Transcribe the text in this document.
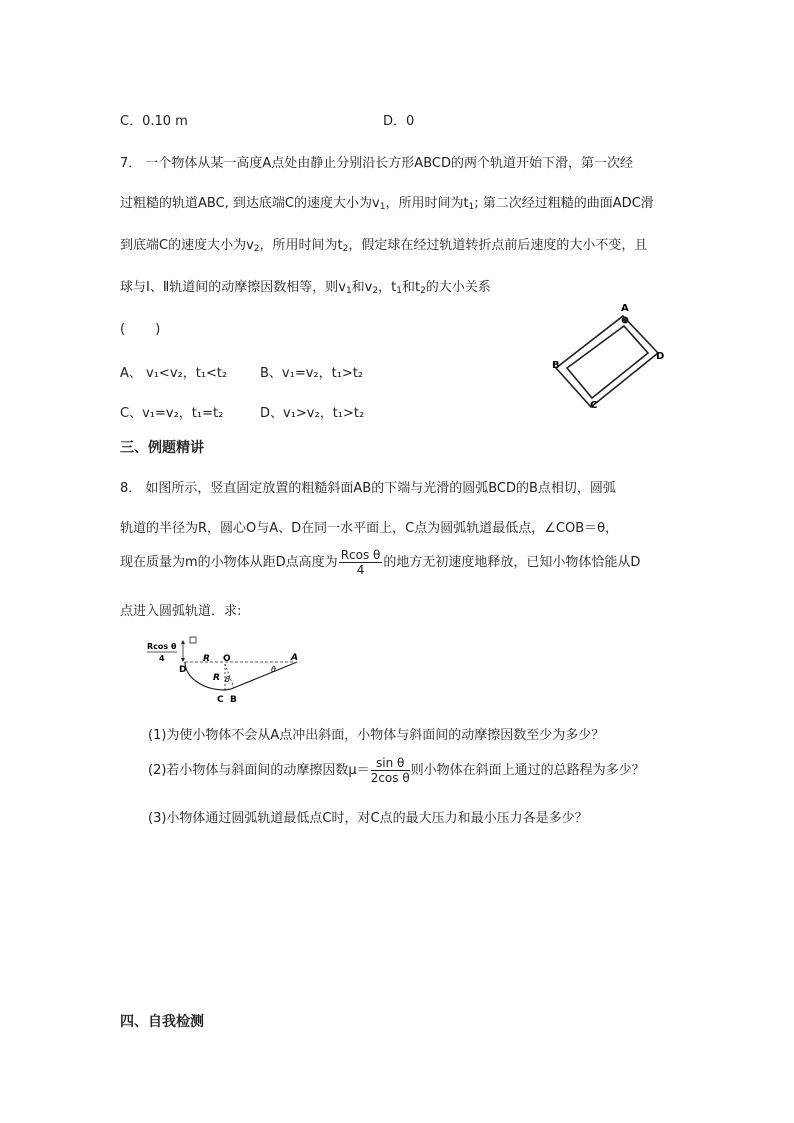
C．0.10 m	D．0
7． 一个物体从某一高度A点处由静止分别沿长方形ABCD的两个轨道开始下滑，第一次经
过粗糙的轨道ABC, 到达底端C的速度大小为$v_1$，所用时间为$t_1$; 第二次经过粗糙的曲面ADC滑
到底端C的速度大小为$v_2$，所用时间为$t_2$，假定球在经过轨道转折点前后速度的大小不变，且
球与Ⅰ、Ⅱ轨道间的动摩擦因数相等，则$v_1$和$v_2$，$t_1$和$t_2$的大小关系
(　　 )
A、 v₁<v₂，t₁<t₂	B、v₁=v₂，t₁>t₂
C、v₁=v₂，t₁=t₂	D、v₁>v₂，t₁>t₂
A
B
C
D
三、例题精讲
8． 如图所示，竖直固定放置的粗糙斜面AB的下端与光滑的圆弧BCD的B点相切，圆弧
轨道的半径为R，圆心O与A、D在同一水平面上，C点为圆弧轨道最低点，∠COB＝θ，
现在质量为m的小物体从距D点高度为 $\frac{\text{Rcos θ}}{4}$ 的地方无初速度地释放，已知小物体恰能从D
点进入圆弧轨道．求:
Rcos θ
4
D
R O
R θ
θ
A
C B
(1)为使小物体不会从A点冲出斜面，小物体与斜面间的动摩擦因数至少为多少？
(2)若小物体与斜面间的动摩擦因数$\mu= \frac{\text{sin θ}}{\text{2cos θ}}$ 则小物体在斜面上通过的总路程为多少？
(3)小物体通过圆弧轨道最低点C时，对C点的最大压力和最小压力各是多少？
四、自我检测
